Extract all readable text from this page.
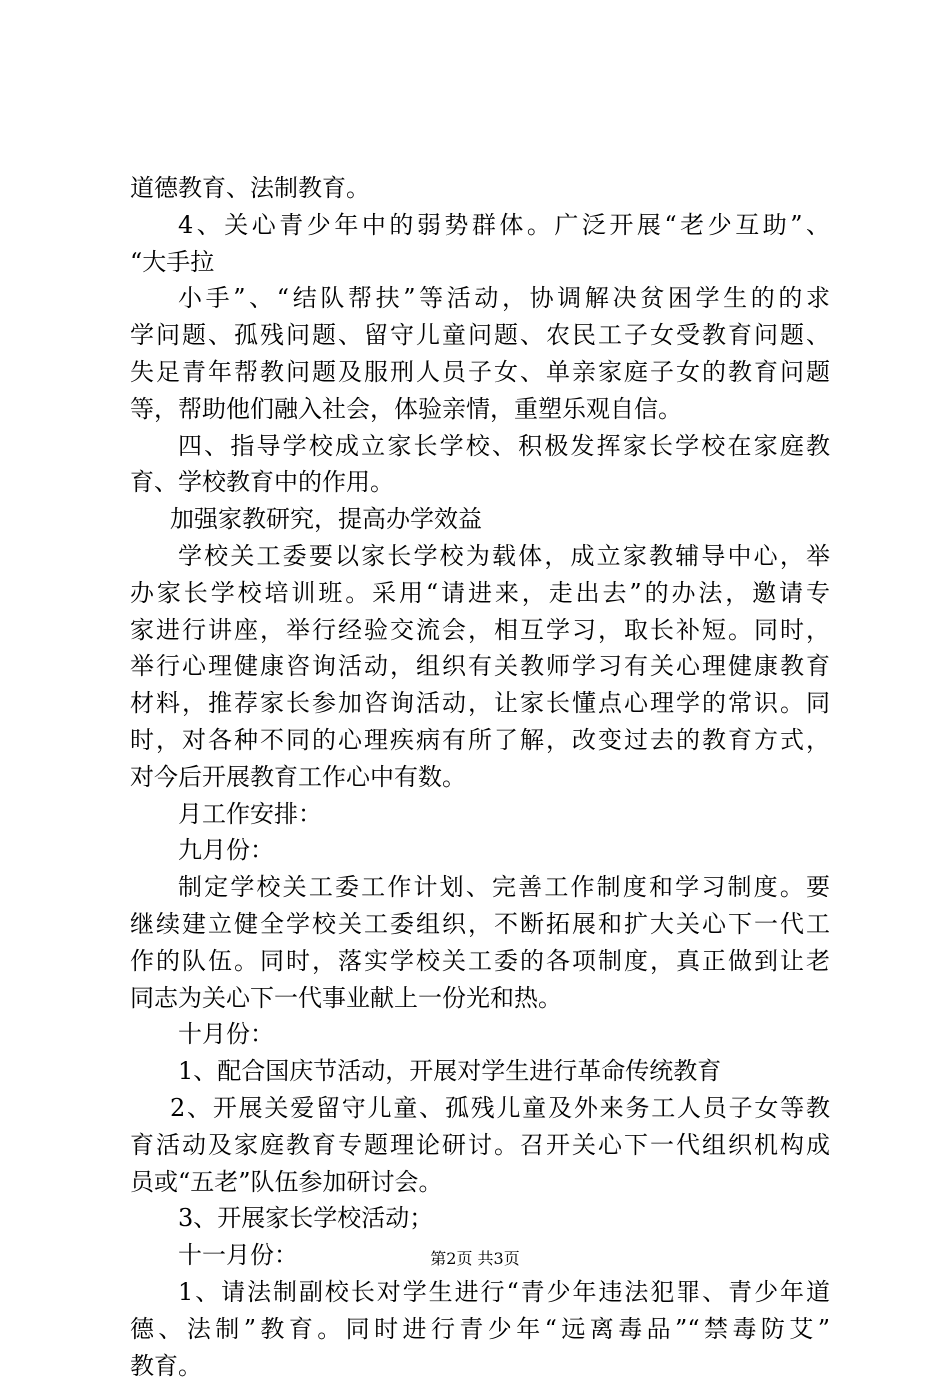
道德教育、法制教育。
4、关心青少年中的弱势群体。广泛开展“老少互助”、
“大手拉
小手”、“结队帮扶”等活动，协调解决贫困学生的的求
学问题、孤残问题、留守儿童问题、农民工子女受教育问题、
失足青年帮教问题及服刑人员子女、单亲家庭子女的教育问题
等，帮助他们融入社会，体验亲情，重塑乐观自信。
四、指导学校成立家长学校、积极发挥家长学校在家庭教
育、学校教育中的作用。
加强家教研究，提高办学效益
学校关工委要以家长学校为载体，成立家教辅导中心，举
办家长学校培训班。采用“请进来，走出去”的办法，邀请专
家进行讲座，举行经验交流会，相互学习，取长补短。同时，
举行心理健康咨询活动，组织有关教师学习有关心理健康教育
材料，推荐家长参加咨询活动，让家长懂点心理学的常识。同
时，对各种不同的心理疾病有所了解，改变过去的教育方式，
对今后开展教育工作心中有数。
月工作安排：
九月份：
制定学校关工委工作计划、完善工作制度和学习制度。要
继续建立健全学校关工委组织，不断拓展和扩大关心下一代工
作的队伍。同时，落实学校关工委的各项制度，真正做到让老
同志为关心下一代事业献上一份光和热。
十月份：
1、配合国庆节活动，开展对学生进行革命传统教育
2、开展关爱留守儿童、孤残儿童及外来务工人员子女等教
育活动及家庭教育专题理论研讨。召开关心下一代组织机构成
员或“五老”队伍参加研讨会。
3、开展家长学校活动；
十一月份：
1、请法制副校长对学生进行“青少年违法犯罪、青少年道
德、法制”教育。同时进行青少年“远离毒品”“禁毒防艾”
教育。
第2页 共3页
